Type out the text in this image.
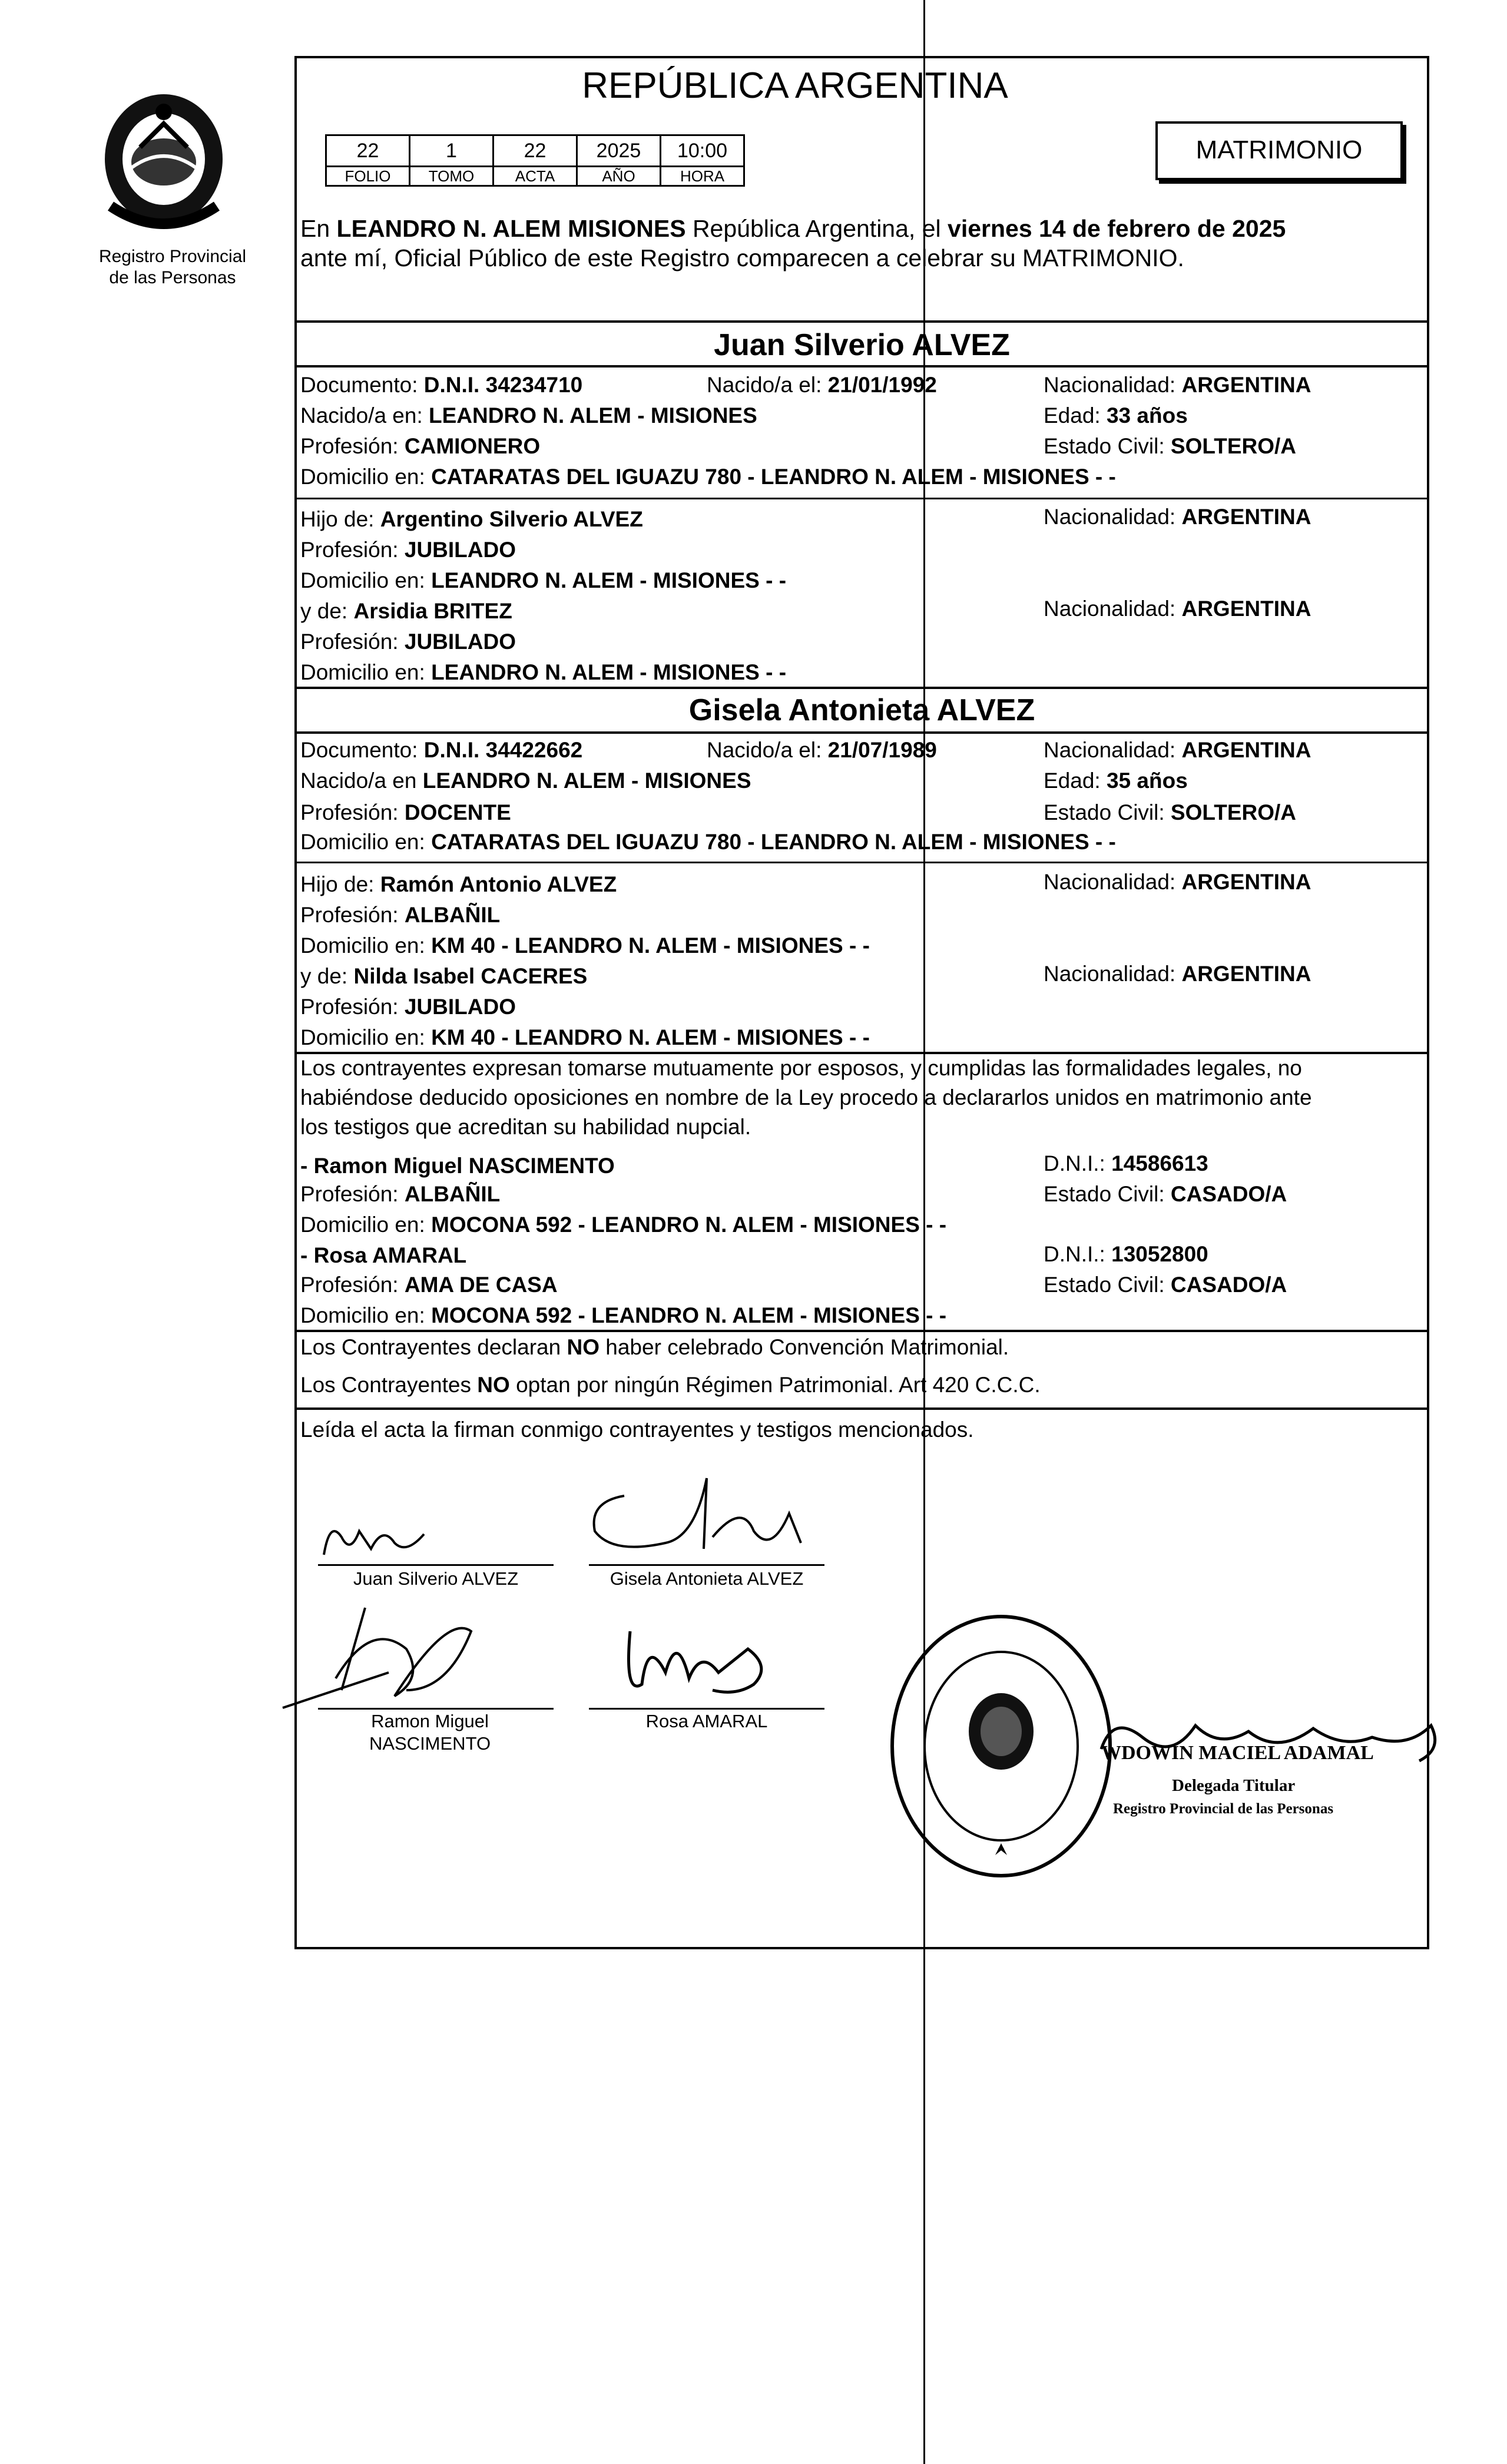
Registro Provincial
de las Personas
REPÚBLICA ARGENTINA
22	1	22	2025	10:00
FOLIO	TOMO	ACTA	AÑO	HORA
MATRIMONIO
En LEANDRO N. ALEM MISIONES República Argentina, el viernes 14 de febrero de 2025
ante mí, Oficial Público de este Registro comparecen a celebrar su MATRIMONIO.
Juan Silverio ALVEZ
Documento: D.N.I. 34234710	Nacido/a el: 21/01/1992	Nacionalidad: ARGENTINA
Nacido/a en: LEANDRO N. ALEM - MISIONES	Edad: 33 años
Profesión: CAMIONERO	Estado Civil: SOLTERO/A
Domicilio en: CATARATAS DEL IGUAZU 780 - LEANDRO N. ALEM - MISIONES - -
Hijo de: Argentino Silverio ALVEZ	Nacionalidad: ARGENTINA
Profesión: JUBILADO
Domicilio en: LEANDRO N. ALEM - MISIONES - -
y de: Arsidia BRITEZ	Nacionalidad: ARGENTINA
Profesión: JUBILADO
Domicilio en: LEANDRO N. ALEM - MISIONES - -
Gisela Antonieta ALVEZ
Documento: D.N.I. 34422662	Nacido/a el: 21/07/1989	Nacionalidad: ARGENTINA
Nacido/a en LEANDRO N. ALEM - MISIONES	Edad: 35 años
Profesión: DOCENTE	Estado Civil: SOLTERO/A
Domicilio en: CATARATAS DEL IGUAZU 780 - LEANDRO N. ALEM - MISIONES - -
Hijo de: Ramón Antonio ALVEZ	Nacionalidad: ARGENTINA
Profesión: ALBAÑIL
Domicilio en: KM 40 - LEANDRO N. ALEM - MISIONES - -
y de: Nilda Isabel CACERES	Nacionalidad: ARGENTINA
Profesión: JUBILADO
Domicilio en: KM 40 - LEANDRO N. ALEM - MISIONES - -
Los contrayentes expresan tomarse mutuamente por esposos, y cumplidas las formalidades legales, no
habiéndose deducido oposiciones en nombre de la Ley procedo a declararlos unidos en matrimonio ante
los testigos que acreditan su habilidad nupcial.
- Ramon Miguel NASCIMENTO	D.N.I.: 14586613
Profesión: ALBAÑIL	Estado Civil: CASADO/A
Domicilio en: MOCONA 592 - LEANDRO N. ALEM - MISIONES - -
- Rosa AMARAL	D.N.I.: 13052800
Profesión: AMA DE CASA	Estado Civil: CASADO/A
Domicilio en: MOCONA 592 - LEANDRO N. ALEM - MISIONES - -
Los Contrayentes declaran NO haber celebrado Convención Matrimonial.
Los Contrayentes NO optan por ningún Régimen Patrimonial. Art 420 C.C.C.
Leída el acta la firman conmigo contrayentes y testigos mencionados.
Juan Silverio ALVEZ	Gisela Antonieta ALVEZ
Ramon Miguel
NASCIMENTO
Rosa AMARAL
WDOWIN MACIEL ADAMAL
Delegada Titular
Registro Provincial de las Personas
